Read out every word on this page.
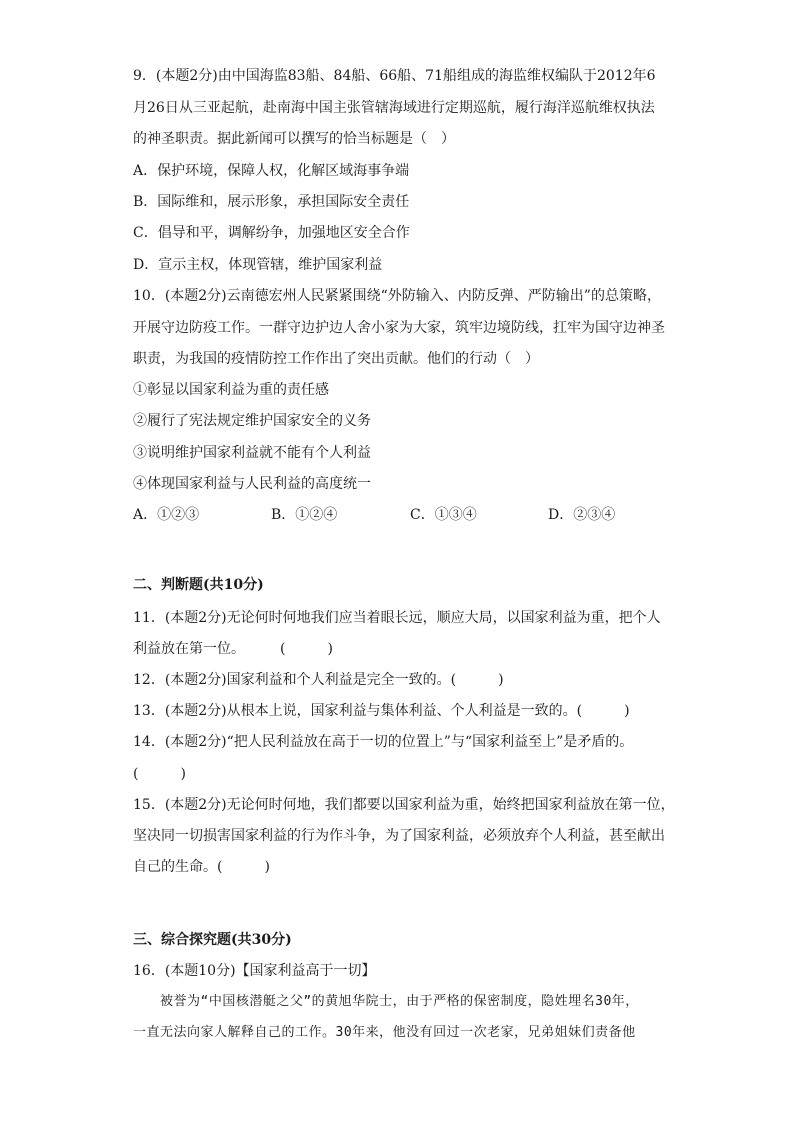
9．(本题2分)由中国海监83船、84船、66船、71船组成的海监维权编队于2012年6
月26日从三亚起航，赴南海中国主张管辖海域进行定期巡航，履行海洋巡航维权执法
的神圣职责。据此新闻可以撰写的恰当标题是（　）
A．保护环境，保障人权，化解区域海事争端
B．国际维和，展示形象，承担国际安全责任
C．倡导和平，调解纷争，加强地区安全合作
D．宣示主权，体现管辖，维护国家利益
10．(本题2分)云南德宏州人民紧紧围绕“外防输入、内防反弹、严防输出”的总策略，
开展守边防疫工作。一群守边护边人舍小家为大家，筑牢边境防线，扛牢为国守边神圣
职责，为我国的疫情防控工作作出了突出贡献。他们的行动（　）
①彰显以国家利益为重的责任感
②履行了宪法规定维护国家安全的义务
③说明维护国家利益就不能有个人利益
④体现国家利益与人民利益的高度统一
A．①②③	B．①②④	C．①③④	D．②③④
二、判断题(共10分)
11．(本题2分)无论何时何地我们应当着眼长远，顺应大局，以国家利益为重，把个人
利益放在第一位。　　　(　　　)
12．(本题2分)国家利益和个人利益是完全一致的。(　　　)
13．(本题2分)从根本上说，国家利益与集体利益、个人利益是一致的。(　　　)
14．(本题2分)“把人民利益放在高于一切的位置上”与“国家利益至上”是矛盾的。
(　　　)
15．(本题2分)无论何时何地，我们都要以国家利益为重，始终把国家利益放在第一位，
坚决同一切损害国家利益的行为作斗争，为了国家利益，必须放弃个人利益，甚至献出
自己的生命。(　　　)
三、综合探究题(共30分)
16．(本题10分)【国家利益高于一切】
　　被誉为“中国核潜艇之父”的黄旭华院士，由于严格的保密制度，隐姓埋名30年，
一直无法向家人解释自己的工作。30年来，他没有回过一次老家，兄弟姐妹们责备他
